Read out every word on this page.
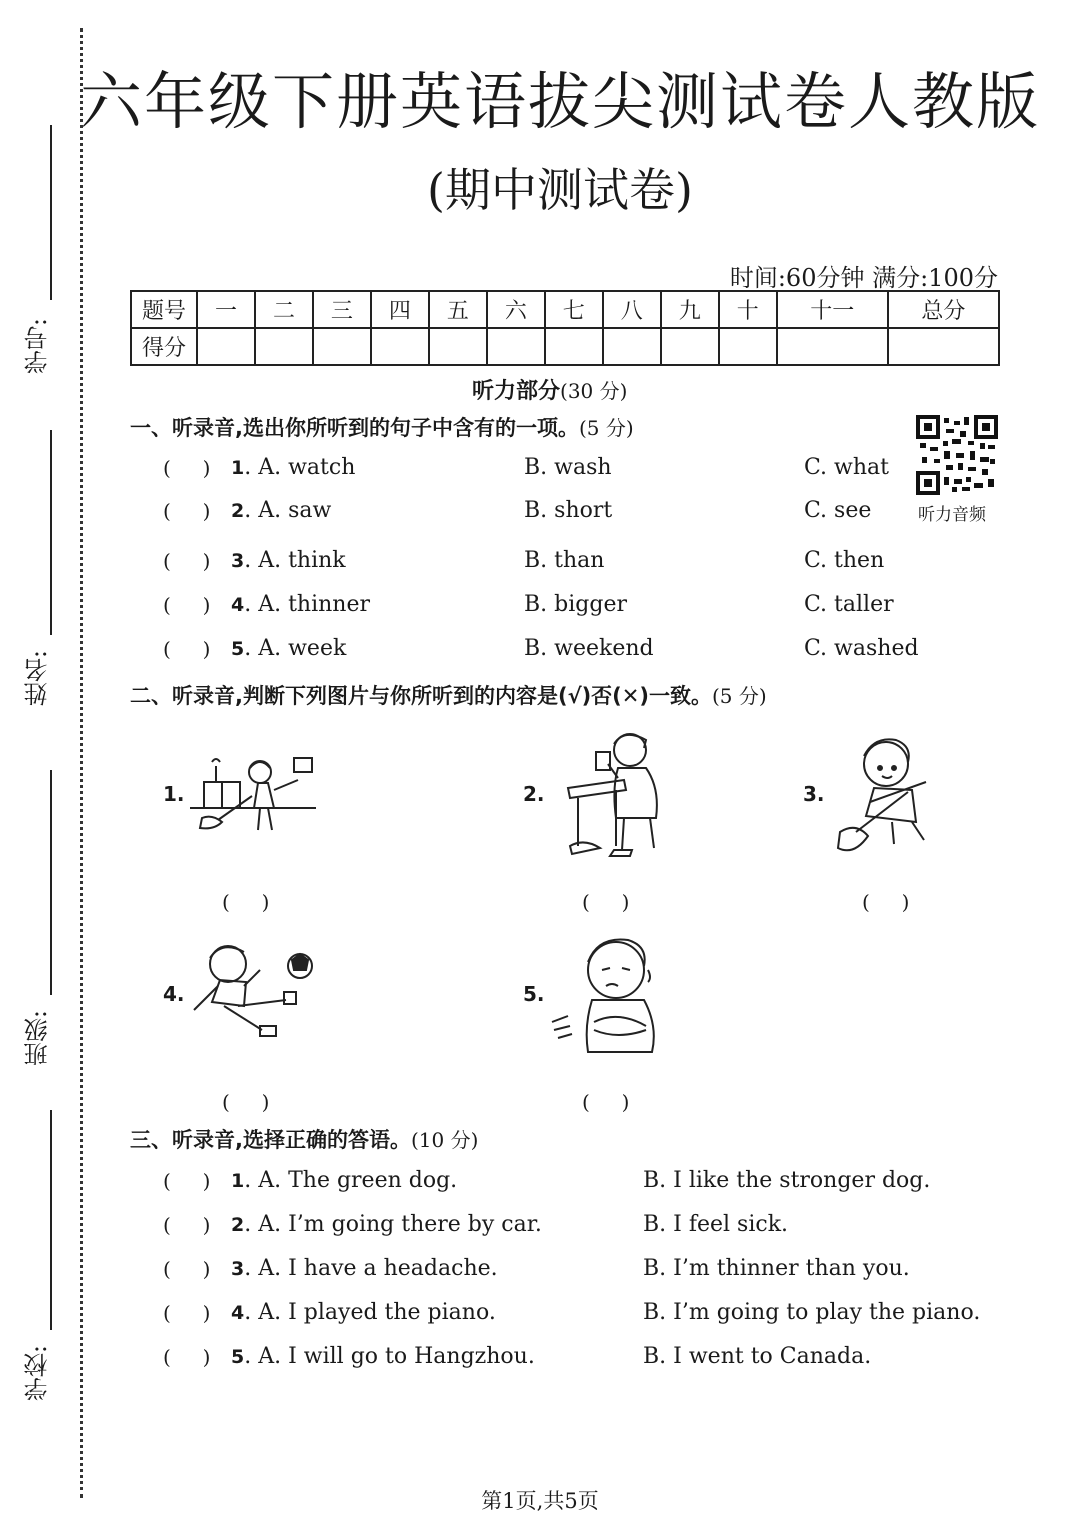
学号:
姓名:
班级:
学校:
六年级下册英语拔尖测试卷人教版
(期中测试卷)
时间:60分钟 满分:100分
题号	一	二	三	四	五	六	七	八	九	十	十一	总分
得分												
听力部分(30 分)
听力音频
一、听录音,选出你所听到的句子中含有的一项。(5 分)
(     ) 1. A. watch	B. wash	C. what
(     ) 2. A. saw	B. short	C. see
(     ) 3. A. think	B. than	C. then
(     ) 4. A. thinner	B. bigger	C. taller
(     ) 5. A. week	B. weekend	C. washed
二、听录音,判断下列图片与你所听到的内容是(√)否(✕)一致。(5 分)
1.
(     )
2.
(     )
3.
(     )
4.
(     )
5.
(     )
三、听录音,选择正确的答语。(10 分)
(     ) 1. A. The green dog.	B. I like the stronger dog.
(     ) 2. A. I’m going there by car.	B. I feel sick.
(     ) 3. A. I have a headache.	B. I’m thinner than you.
(     ) 4. A. I played the piano.	B. I’m going to play the piano.
(     ) 5. A. I will go to Hangzhou.	B. I went to Canada.
第1页,共5页
